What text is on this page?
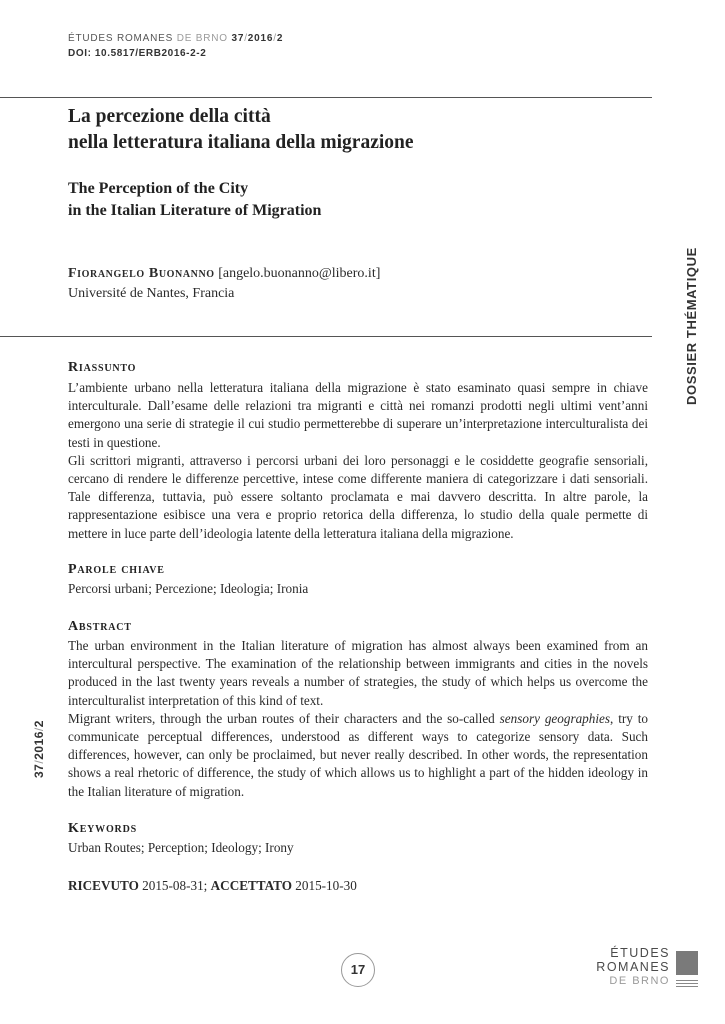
ÉTUDES ROMANES DE BRNO 37/2016/2
DOI: 10.5817/ERB2016-2-2
La percezione della città
nella letteratura italiana della migrazione
The Perception of the City
in the Italian Literature of Migration
Fiorangelo Buonanno [angelo.buonanno@libero.it]
Université de Nantes, Francia	DOSSIER THÉMATIQUE
Riassunto

L’ambiente urbano nella letteratura italiana della migrazione è stato esaminato quasi sempre in chiave interculturale. Dall’esame delle relazioni tra migranti e città nei romanzi prodotti negli ultimi vent’anni emergono una serie di strategie il cui studio permetterebbe di superare un’interpretazione interculturalista dei testi in questione.

Gli scrittori migranti, attraverso i percorsi urbani dei loro personaggi e le cosiddette geografie sensoriali, cercano di rendere le differenze percettive, intese come differente maniera di categorizzare i dati sensoriali. Tale differenza, tuttavia, può essere soltanto proclamata e mai davvero descritta. In altre parole, la rappresentazione esibisce una vera e proprio retorica della differenza, lo studio della quale permette di mettere in luce parte dell’ideologia latente della letteratura italiana della migrazione.

Parole chiave
Percorsi urbani; Percezione; Ideologia; Ironia
Abstract

The urban environment in the Italian literature of migration has almost always been examined from an intercultural perspective. The examination of the relationship between immigrants and cities in the novels produced in the last twenty years reveals a number of strategies, the study of which helps us overcome the interculturalist interpretation of this kind of text.

Migrant writers, through the urban routes of their characters and the so-called sensory geographies, try to communicate perceptual differences, understood as different ways to categorize sensory data. Such differences, however, can only be proclaimed, but never really described. In other words, the representation shows a real rhetoric of difference, the study of which allows us to highlight a part of the hidden ideology in the Italian literature of migration.

Keywords
Urban Routes; Perception; Ideology; Irony
RICEVUTO 2015-08-31; ACCETTATO 2015-10-30
37/2016/2
17
ÉTUDES
ROMANES
DE BRNO
